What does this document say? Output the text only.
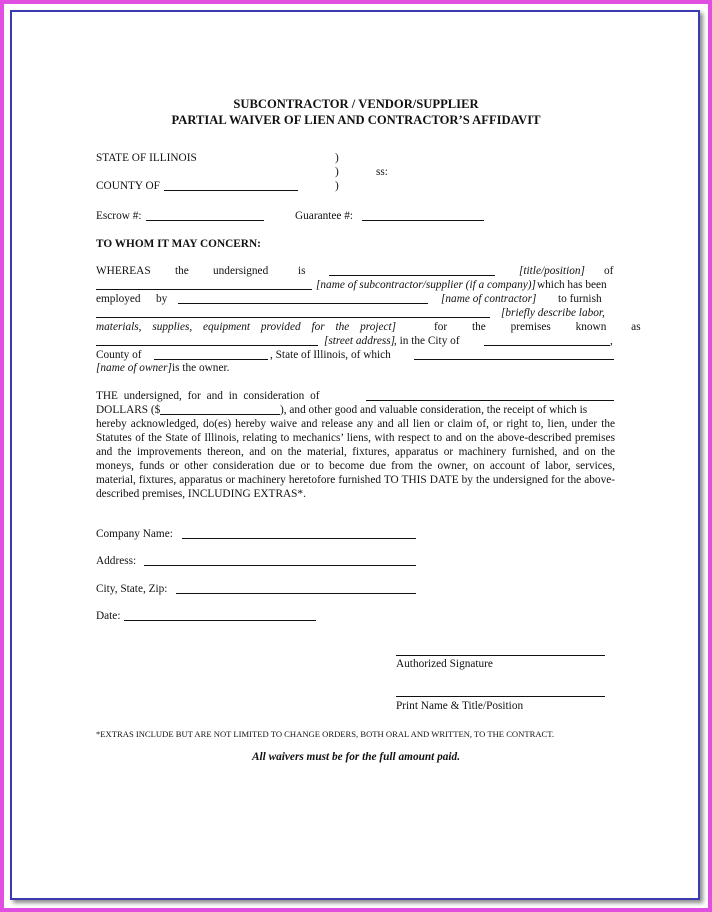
SUBCONTRACTOR / VENDOR/SUPPLIER
PARTIAL WAIVER OF LIEN AND CONTRACTOR’S AFFIDAVIT
STATE OF ILLINOIS	)
)	ss:
COUNTY OF	)
Escrow #:	Guarantee #:
TO WHOM IT MAY CONCERN:
WHEREAS the undersigned	is	[title/position] of
[name of subcontractor/supplier (if a company)] which has been
employed by	[name of contractor] to furnish
[briefly describe labor,
materials, supplies, equipment provided for the project]	for the premises known as
[street address]
, in the City of	,
County of	, State of Illinois, of which
[name of owner] is the owner.
THE undersigned, for and in consideration of
DOLLARS ($	), and other good and valuable consideration, the receipt of which is

hereby acknowledged, do(es) hereby waive and release any and all lien or claim of, or right to, lien, under the Statutes of the State of Illinois, relating to mechanics’ liens, with respect to and on the above-described premises and the improvements thereon, and on the material, fixtures, apparatus or machinery furnished, and on the moneys, funds or other consideration due or to become due from the owner, on account of labor, services, material, fixtures, apparatus or machinery heretofore furnished TO THIS DATE by the undersigned for the above-described premises, INCLUDING EXTRAS*.

Company Name:
Address:
City, State, Zip:
Date:
Authorized Signature
Print Name & Title/Position
*EXTRAS INCLUDE BUT ARE NOT LIMITED TO CHANGE ORDERS, BOTH ORAL AND WRITTEN, TO THE CONTRACT.
All waivers must be for the full amount paid.
